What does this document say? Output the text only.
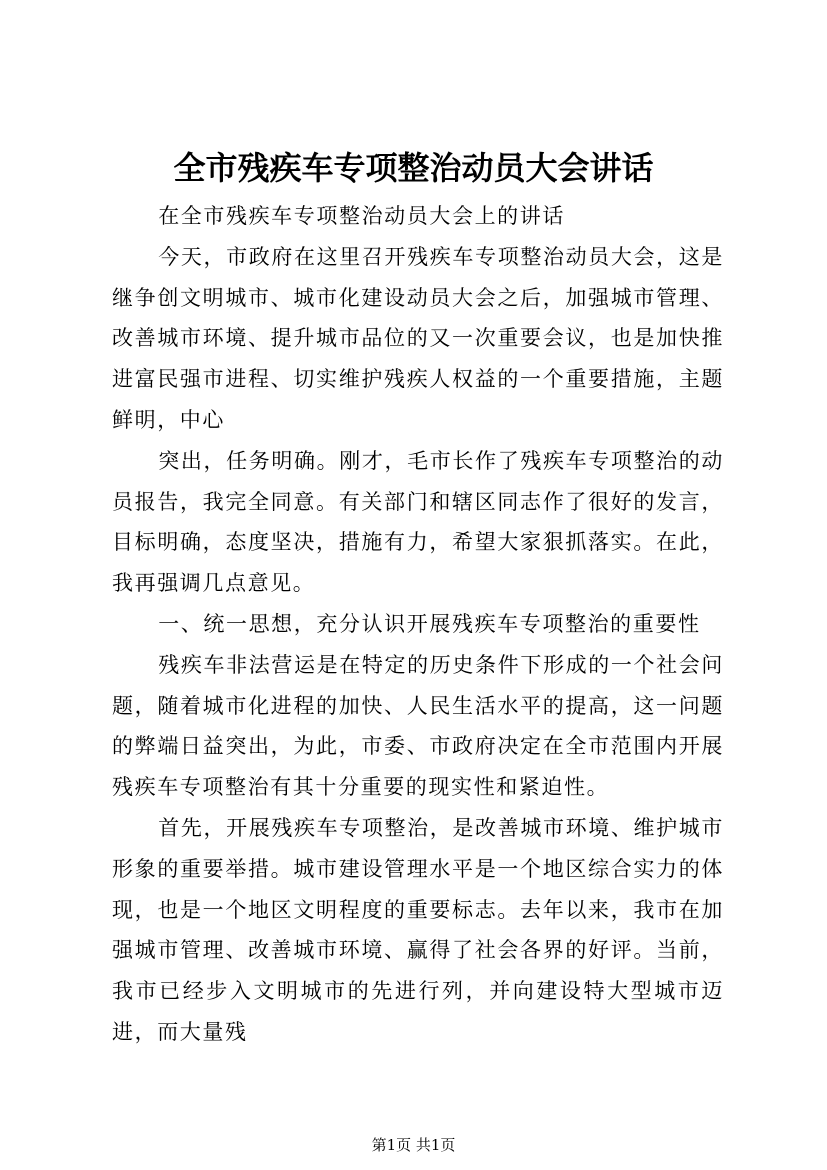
全市残疾车专项整治动员大会讲话

在全市残疾车专项整治动员大会上的讲话

今天，市政府在这里召开残疾车专项整治动员大会，这是继争创文明城市、城市化建设动员大会之后，加强城市管理、改善城市环境、提升城市品位的又一次重要会议，也是加快推进富民强市进程、切实维护残疾人权益的一个重要措施，主题鲜明，中心

突出，任务明确。刚才，毛市长作了残疾车专项整治的动员报告，我完全同意。有关部门和辖区同志作了很好的发言，目标明确，态度坚决，措施有力，希望大家狠抓落实。在此，我再强调几点意见。

一、统一思想，充分认识开展残疾车专项整治的重要性

残疾车非法营运是在特定的历史条件下形成的一个社会问题，随着城市化进程的加快、人民生活水平的提高，这一问题的弊端日益突出，为此，市委、市政府决定在全市范围内开展残疾车专项整治有其十分重要的现实性和紧迫性。

首先，开展残疾车专项整治，是改善城市环境、维护城市形象的重要举措。城市建设管理水平是一个地区综合实力的体现，也是一个地区文明程度的重要标志。去年以来，我市在加强城市管理、改善城市环境、赢得了社会各界的好评。当前，我市已经步入文明城市的先进行列，并向建设特大型城市迈进，而大量残

第1页 共1页
